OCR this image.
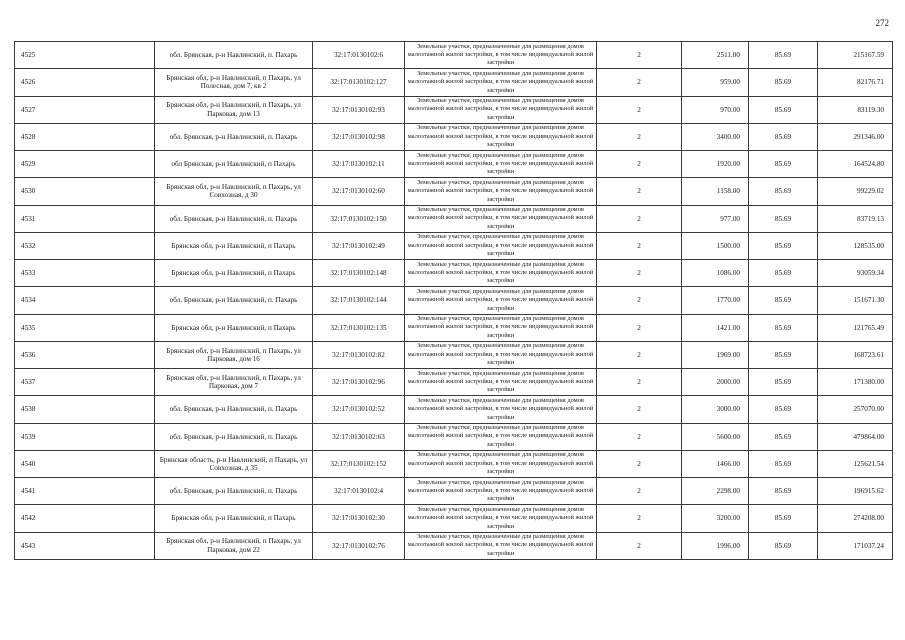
272
4525	обл. Брянская, р-н Навлинский, п. Пахарь	32:17:0130102:6	Земельные участки, предназначенные для размещения домов малоэтажной жилой застройки, в том числе индивидуальной жилой застройки	2	2511.00	85.69	215167.59
4526	Брянская обл, р-н Навлинский, п Пахарь, ул Полесная, дом 7, кв 2	32:17:0130102:127	Земельные участки, предназначенные для размещения домов малоэтажной жилой застройки, в том числе индивидуальной жилой застройки	2	959.00	85.69	82176.71
4527	Брянская обл, р-н Навлинский, п Пахарь, ул Парковая, дом 13	32:17:0130102:93	Земельные участки, предназначенные для размещения домов малоэтажной жилой застройки, в том числе индивидуальной жилой застройки	2	970.00	85.69	83119.30
4528	обл. Брянская, р-н Навлинский, п. Пахарь	32:17:0130102:98	Земельные участки, предназначенные для размещения домов малоэтажной жилой застройки, в том числе индивидуальной жилой застройки	2	3400.00	85.69	291346.00
4529	обл Брянская, р-н Навлинский, п Пахарь	32:17:0130102:11	Земельные участки, предназначенные для размещения домов малоэтажной жилой застройки, в том числе индивидуальной жилой застройки	2	1920.00	85.69	164524.80
4530	Брянская обл, р-н Навлинский, п Пахарь, ул Совхозная, д 30	32:17:0130102:60	Земельные участки, предназначенные для размещения домов малоэтажной жилой застройки, в том числе индивидуальной жилой застройки	2	1158.00	85.69	99229.02
4531	обл. Брянская, р-н Навлинский, п. Пахарь	32:17:0130102:150	Земельные участки, предназначенные для размещения домов малоэтажной жилой застройки, в том числе индивидуальной жилой застройки	2	977.00	85.69	83719.13
4532	Брянская обл, р-н Навлинский, п Пахарь	32:17:0130102:49	Земельные участки, предназначенные для размещения домов малоэтажной жилой застройки, в том числе индивидуальной жилой застройки	2	1500.00	85.69	128535.00
4533	Брянская обл, р-н Навлинский, п Пахарь	32:17:0130102:148	Земельные участки, предназначенные для размещения домов малоэтажной жилой застройки, в том числе индивидуальной жилой застройки	2	1086.00	85.69	93059.34
4534	обл. Брянская, р-н Навлинский, п. Пахарь	32:17:0130102:144	Земельные участки, предназначенные для размещения домов малоэтажной жилой застройки, в том числе индивидуальной жилой застройки	2	1770.00	85.69	151671.30
4535	Брянская обл, р-н Навлинский, п Пахарь	32:17:0130102:135	Земельные участки, предназначенные для размещения домов малоэтажной жилой застройки, в том числе индивидуальной жилой застройки	2	1421.00	85.69	121765.49
4536	Брянская обл, р-н Навлинский, п Пахарь, ул Парковая, дом 16	32:17:0130102:82	Земельные участки, предназначенные для размещения домов малоэтажной жилой застройки, в том числе индивидуальной жилой застройки	2	1969.00	85.69	168723.61
4537	Брянская обл, р-н Навлинский, п Пахарь, ул Парковая, дом 7	32:17:0130102:96	Земельные участки, предназначенные для размещения домов малоэтажной жилой застройки, в том числе индивидуальной жилой застройки	2	2000.00	85.69	171380.00
4538	обл. Брянская, р-н Навлинский, п. Пахарь	32:17:0130102:52	Земельные участки, предназначенные для размещения домов малоэтажной жилой застройки, в том числе индивидуальной жилой застройки	2	3000.00	85.69	257070.00
4539	обл. Брянская, р-н Навлинский, п. Пахарь	32:17:0130102:63	Земельные участки, предназначенные для размещения домов малоэтажной жилой застройки, в том числе индивидуальной жилой застройки	2	5600.00	85.69	479864.00
4540	Брянская область, р-н Навлинский, п Пахарь, ул Совхозная, д 35	32:17:0130102:152	Земельные участки, предназначенные для размещения домов малоэтажной жилой застройки, в том числе индивидуальной жилой застройки	2	1466.00	85.69	125621.54
4541	обл. Брянская, р-н Навлинский, п. Пахарь	32:17:0130102:4	Земельные участки, предназначенные для размещения домов малоэтажной жилой застройки, в том числе индивидуальной жилой застройки	2	2298.00	85.69	196915.62
4542	Брянская обл, р-н Навлинский, п Пахарь	32:17:0130102:30	Земельные участки, предназначенные для размещения домов малоэтажной жилой застройки, в том числе индивидуальной жилой застройки	2	3200.00	85.69	274208.00
4543	Брянская обл, р-н Навлинский, п Пахарь, ул Парковая, дом 22	32:17:0130102:76	Земельные участки, предназначенные для размещения домов малоэтажной жилой застройки, в том числе индивидуальной жилой застройки	2	1996.00	85.69	171037.24
